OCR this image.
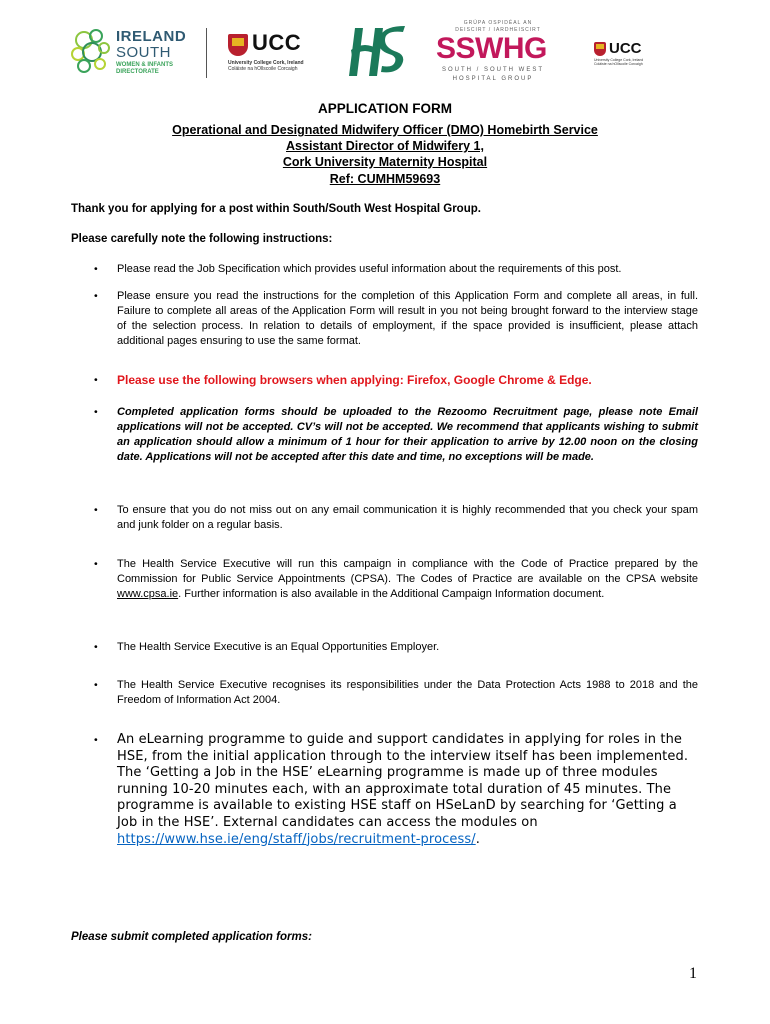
IRELAND
SOUTH
WOMEN & INFANTS DIRECTORATE
UCC
University College Cork, Ireland
Coláiste na hOllscoile Corcaigh
GRÚPA OSPIDÉAL AN
DEISCIRT / IARDHEISCIRT
SSWHG
SOUTH / SOUTH WEST
HOSPITAL GROUP
UCC
University College Cork, Ireland
Coláiste na hOllscoile Corcaigh
APPLICATION FORM
Operational and Designated Midwifery Officer (DMO) Homebirth Service
Assistant Director of Midwifery 1,
Cork University Maternity Hospital
Ref: CUMHM59693
Thank you for applying for a post within South/South West Hospital Group.
Please carefully note the following instructions:
• Please read the Job Specification which provides useful information about the requirements of this post.
• Please ensure you read the instructions for the completion of this Application Form and complete all areas, in full. Failure to complete all areas of the Application Form will result in you not being brought forward to the interview stage of the selection process. In relation to details of employment, if the space provided is insufficient, please attach additional pages ensuring to use the same format.
• Please use the following browsers when applying: Firefox, Google Chrome & Edge.
• Completed application forms should be uploaded to the Rezoomo Recruitment page, please note Email applications will not be accepted. CV’s will not be accepted. We recommend that applicants wishing to submit an application should allow a minimum of 1 hour for their application to arrive by 12.00 noon on the closing date. Applications will not be accepted after this date and time, no exceptions will be made.
• To ensure that you do not miss out on any email communication it is highly recommended that you check your spam and junk folder on a regular basis.
• The Health Service Executive will run this campaign in compliance with the Code of Practice prepared by the Commission for Public Service Appointments (CPSA). The Codes of Practice are available on the CPSA website www.cpsa.ie. Further information is also available in the Additional Campaign Information document.
• The Health Service Executive is an Equal Opportunities Employer.
• The Health Service Executive recognises its responsibilities under the Data Protection Acts 1988 to 2018 and the Freedom of Information Act 2004.
• An eLearning programme to guide and support candidates in applying for roles in the HSE, from the initial application through to the interview itself has been implemented. The ‘Getting a Job in the HSE’ eLearning programme is made up of three modules running 10-20 minutes each, with an approximate total duration of 45 minutes. The programme is available to existing HSE staff on HSeLanD by searching for ‘Getting a Job in the HSE’. External candidates can access the modules on https://www.hse.ie/eng/staff/jobs/recruitment-process/.
Please submit completed application forms:
1
